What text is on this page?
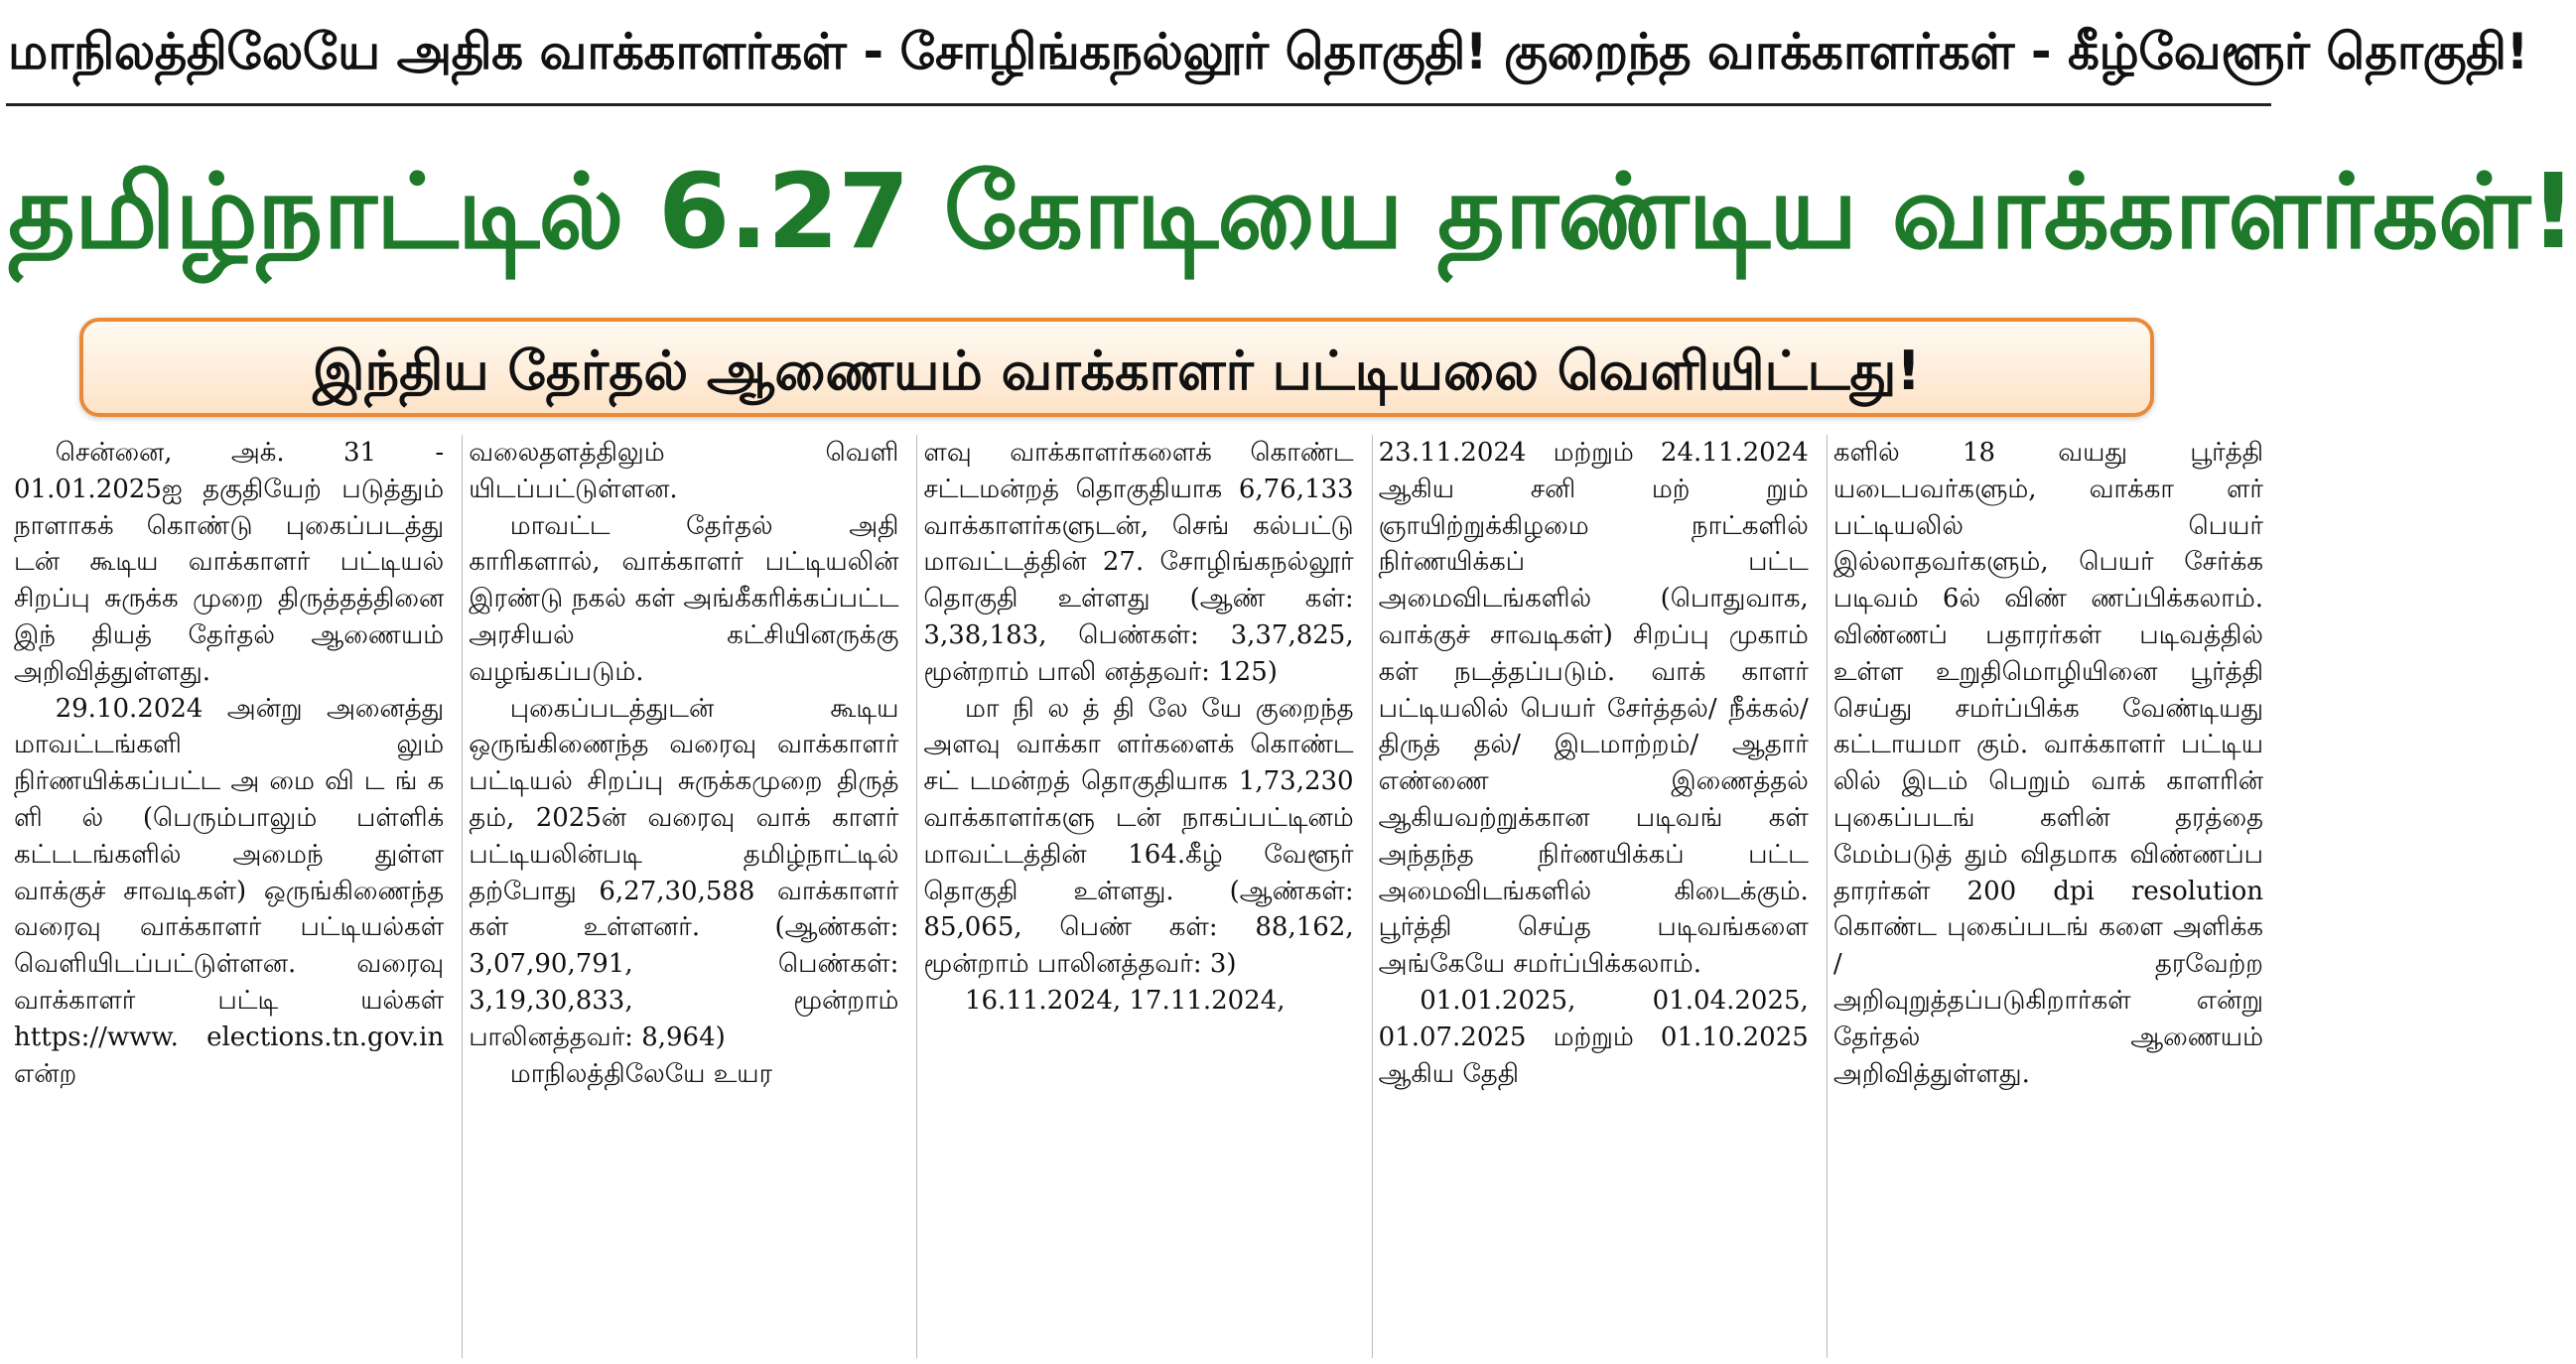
மாநிலத்திலேயே அதிக வாக்காளர்கள் - சோழிங்கநல்லூர் தொகுதி! குறைந்த வாக்காளர்கள் - கீழ்வேளூர் தொகுதி!
தமிழ்நாட்டில் 6.27 கோடியை தாண்டிய வாக்காளர்கள்!
இந்திய தேர்தல் ஆணையம் வாக்காளர் பட்டியலை வெளியிட்டது!

சென்னை, அக். 31 - 01.01.2025ஐ தகுதியேற் படுத்தும் நாளாகக் கொண்டு புகைப்படத்து டன் கூடிய வாக்காளர் பட்டியல் சிறப்பு சுருக்க முறை திருத்தத்தினை இந் தியத் தேர்தல் ஆணையம் அறிவித்துள்ளது.

29.10.2024 அன்று அனைத்து மாவட்டங்களி லும் நிர்ணயிக்கப்பட்ட அ மை வி ட ங் க ளி ல் (பெரும்பாலும் பள்ளிக் கட்டடங்களில் அமைந் துள்ள வாக்குச் சாவடிகள்) ஒருங்கிணைந்த வரைவு வாக்காளர் பட்டியல்கள் வெளியிடப்பட்டுள்ளன. வரைவு வாக்காளர் பட்டி யல்கள் https://www. elections.tn.gov.in என்ற

வலைதளத்திலும் வெளி யிடப்பட்டுள்ளன.

மாவட்ட தேர்தல் அதி காரிகளால், வாக்காளர் பட்டியலின் இரண்டு நகல் கள் அங்கீகரிக்கப்பட்ட அரசியல் கட்சியினருக்கு வழங்கப்படும்.

புகைப்படத்துடன் கூடிய ஒருங்கிணைந்த வரைவு வாக்காளர் பட்டியல் சிறப்பு சுருக்கமுறை திருத் தம், 2025ன் வரைவு வாக் காளர் பட்டியலின்படி தமிழ்நாட்டில் தற்போது 6,27,30,588 வாக்காளர் கள் உள்ளனர். (ஆண்கள்: 3,07,90,791, பெண்கள்: 3,19,30,833, மூன்றாம் பாலினத்தவர்: 8,964)

மாநிலத்திலேயே உயர

ளவு வாக்காளர்களைக் கொண்ட சட்டமன்றத் தொகுதியாக 6,76,133 வாக்காளர்களுடன், செங் கல்பட்டு மாவட்டத்தின் 27. சோழிங்கநல்லூர் தொகுதி உள்ளது (ஆண் கள்: 3,38,183, பெண்கள்: 3,37,825, மூன்றாம் பாலி னத்தவர்: 125)

மா நி ல த் தி லே யே குறைந்த அளவு வாக்கா ளர்களைக் கொண்ட சட் டமன்றத் தொகுதியாக 1,73,230 வாக்காளர்களு டன் நாகப்பட்டினம் மாவட்டத்தின் 164.கீழ் வேளூர் தொகுதி உள்ளது. (ஆண்கள்: 85,065, பெண் கள்: 88,162, மூன்றாம் பாலினத்தவர்: 3)

16.11.2024, 17.11.2024,

23.11.2024 மற்றும் 24.11.2024 ஆகிய சனி மற் றும் ஞாயிற்றுக்கிழமை நாட்களில் நிர்ணயிக்கப் பட்ட அமைவிடங்களில் (பொதுவாக, வாக்குச் சாவடிகள்) சிறப்பு முகாம் கள் நடத்தப்படும். வாக் காளர் பட்டியலில் பெயர் சேர்த்தல்/ நீக்கல்/ திருத் தல்/ இடமாற்றம்/ ஆதார் எண்ணை இணைத்தல் ஆகியவற்றுக்கான படிவங் கள் அந்தந்த நிர்ணயிக்கப் பட்ட அமைவிடங்களில் கிடைக்கும். பூர்த்தி செய்த படிவங்களை அங்கேயே சமர்ப்பிக்கலாம்.

01.01.2025, 01.04.2025, 01.07.2025 மற்றும் 01.10.2025 ஆகிய தேதி

களில் 18 வயது பூர்த்தி யடைபவர்களும், வாக்கா ளர் பட்டியலில் பெயர் இல்லாதவர்களும், பெயர் சேர்க்க படிவம் 6ல் விண் ணப்பிக்கலாம். விண்ணப் பதாரர்கள் படிவத்தில் உள்ள உறுதிமொழியினை பூர்த்தி செய்து சமர்ப்பிக்க வேண்டியது கட்டாயமா கும். வாக்காளர் பட்டிய லில் இடம் பெறும் வாக் காளரின் புகைப்படங் களின் தரத்தை மேம்படுத் தும் விதமாக விண்ணப்ப தாரர்கள் 200 dpi resolution கொண்ட புகைப்படங் களை அளிக்க / தரவேற்ற அறிவுறுத்தப்படுகிறார்கள் என்று தேர்தல் ஆணையம் அறிவித்துள்ளது.
